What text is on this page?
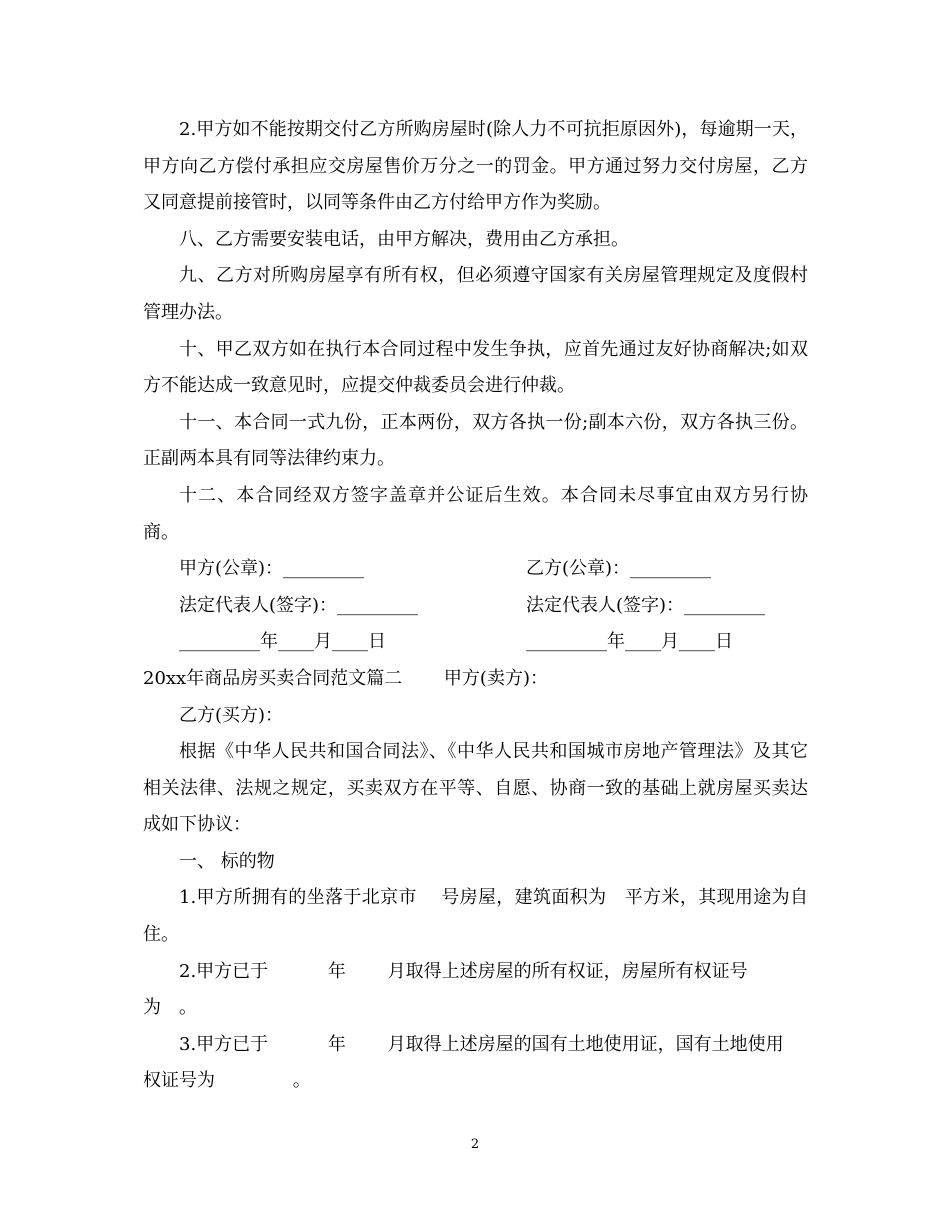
2.甲方如不能按期交付乙方所购房屋时(除人力不可抗拒原因外)，每逾期一天，甲方向乙方偿付承担应交房屋售价万分之一的罚金。甲方通过努力交付房屋，乙方又同意提前接管时，以同等条件由乙方付给甲方作为奖励。

八、乙方需要安装电话，由甲方解决，费用由乙方承担。

九、乙方对所购房屋享有所有权，但必须遵守国家有关房屋管理规定及度假村管理办法。

十、甲乙双方如在执行本合同过程中发生争执，应首先通过友好协商解决;如双方不能达成一致意见时，应提交仲裁委员会进行仲裁。

十一、本合同一式九份，正本两份，双方各执一份;副本六份，双方各执三份。正副两本具有同等法律约束力。

十二、本合同经双方签字盖章并公证后生效。本合同未尽事宜由双方另行协商。

甲方(公章)：_________	乙方(公章)：_________
法定代表人(签字)：_________	法定代表人(签字)：_________
_________年____月____日	_________年____月____日

20xx年商品房买卖合同范文篇二　　 甲方(卖方)：

乙方(买方)：

根据《中华人民共和国合同法》、《中华人民共和国城市房地产管理法》及其它相关法律、法规之规定，买卖双方在平等、自愿、协商一致的基础上就房屋买卖达成如下协议：

一、 标的物

1.甲方所拥有的坐落于北京市　 号房屋，建筑面积为　平方米，其现用途为自住。

2.甲方已于　　　 年　　 月取得上述房屋的所有权证，房屋所有权证号

为　。

3.甲方已于　　　 年　　 月取得上述房屋的国有土地使用证，国有土地使用

权证号为　　　　 。

2
